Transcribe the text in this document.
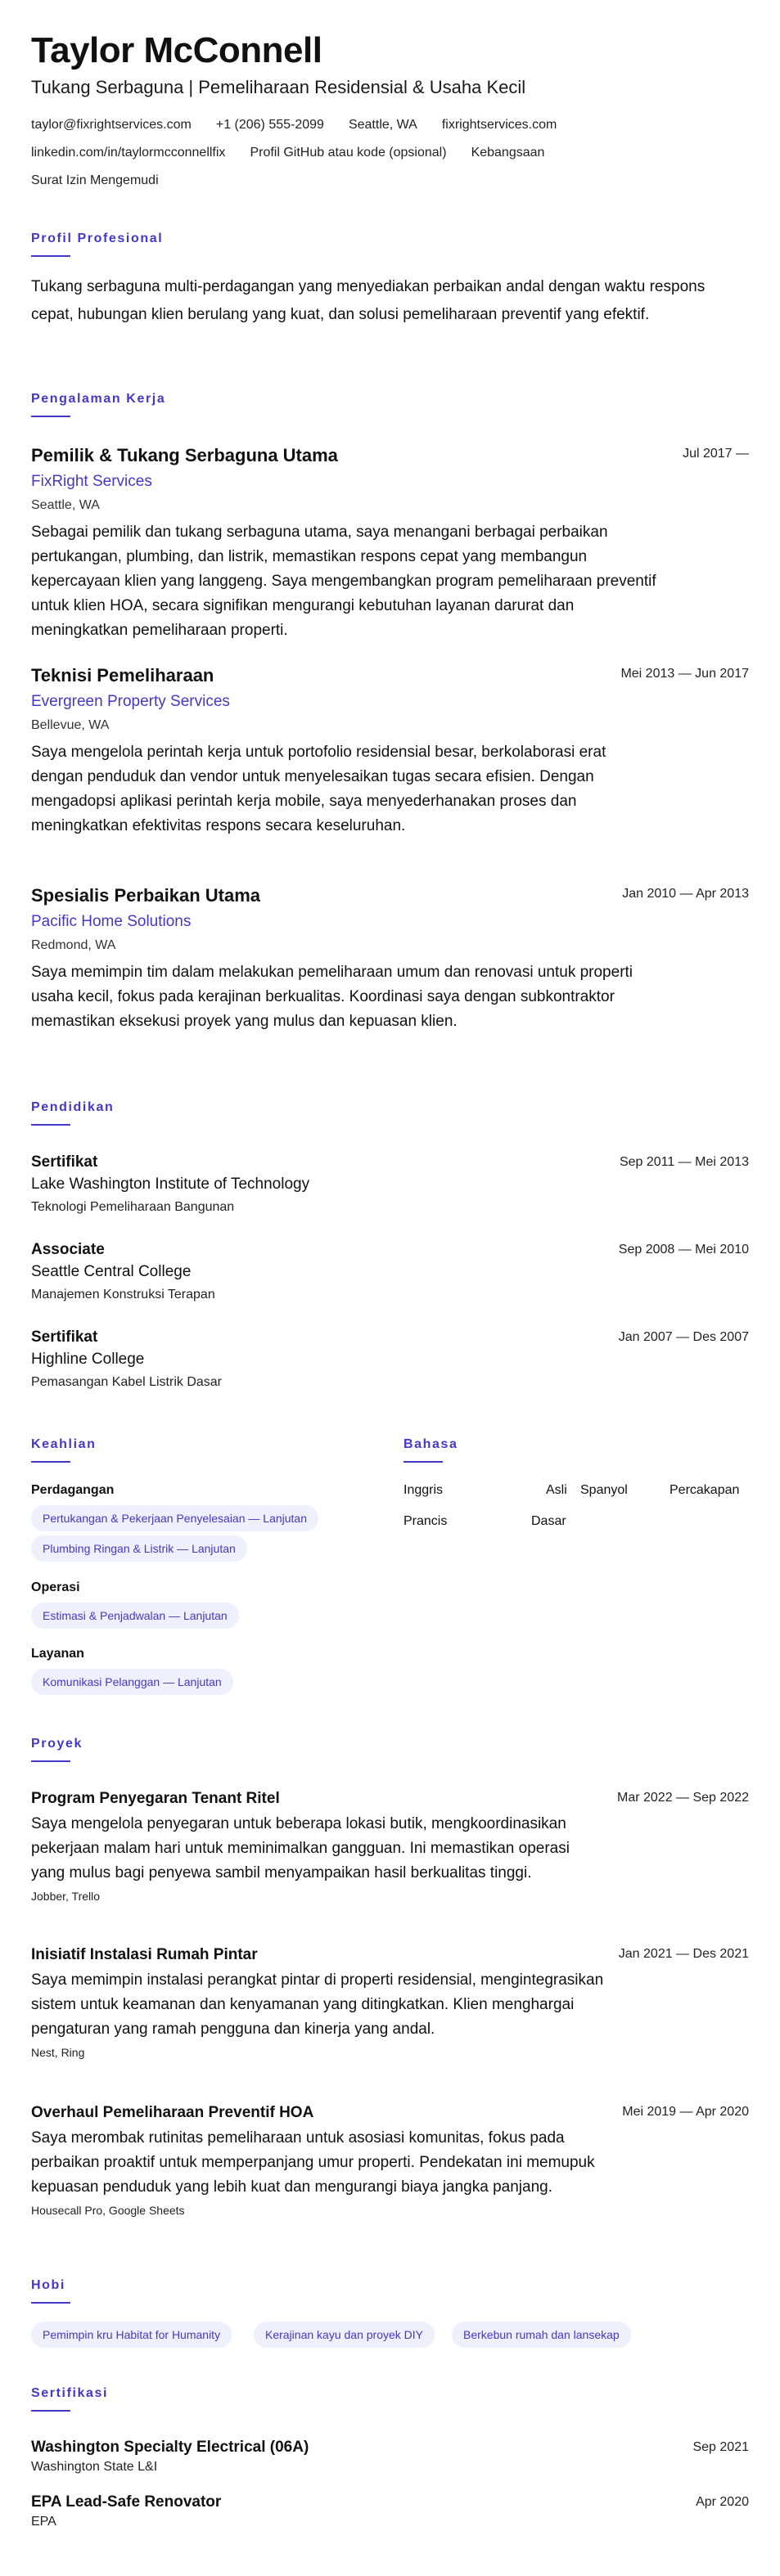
Taylor McConnell
Tukang Serbaguna | Pemeliharaan Residensial & Usaha Kecil
taylor@fixrightservices.com +1 (206) 555-2099 Seattle, WA fixrightservices.com
linkedin.com/in/taylormcconnellfix Profil GitHub atau kode (opsional) Kebangsaan
Surat Izin Mengemudi
Profil Profesional
Tukang serbaguna multi-perdagangan yang menyediakan perbaikan andal dengan waktu respons cepat, hubungan klien berulang yang kuat, dan solusi pemeliharaan preventif yang efektif.
Pengalaman Kerja
Pemilik & Tukang Serbaguna Utama	Jul 2017 —
FixRight Services
Seattle, WA
Sebagai pemilik dan tukang serbaguna utama, saya menangani berbagai perbaikan pertukangan, plumbing, dan listrik, memastikan respons cepat yang membangun kepercayaan klien yang langgeng. Saya mengembangkan program pemeliharaan preventif untuk klien HOA, secara signifikan mengurangi kebutuhan layanan darurat dan meningkatkan pemeliharaan properti.
Teknisi Pemeliharaan	Mei 2013 — Jun 2017
Evergreen Property Services
Bellevue, WA
Saya mengelola perintah kerja untuk portofolio residensial besar, berkolaborasi erat dengan penduduk dan vendor untuk menyelesaikan tugas secara efisien. Dengan mengadopsi aplikasi perintah kerja mobile, saya menyederhanakan proses dan meningkatkan efektivitas respons secara keseluruhan.
Spesialis Perbaikan Utama	Jan 2010 — Apr 2013
Pacific Home Solutions
Redmond, WA
Saya memimpin tim dalam melakukan pemeliharaan umum dan renovasi untuk properti usaha kecil, fokus pada kerajinan berkualitas. Koordinasi saya dengan subkontraktor memastikan eksekusi proyek yang mulus dan kepuasan klien.
Pendidikan
Sertifikat	Sep 2011 — Mei 2013
Lake Washington Institute of Technology
Teknologi Pemeliharaan Bangunan
Associate	Sep 2008 — Mei 2010
Seattle Central College
Manajemen Konstruksi Terapan
Sertifikat	Jan 2007 — Des 2007
Highline College
Pemasangan Kabel Listrik Dasar
Keahlian
Perdagangan
Pertukangan & Pekerjaan Penyelesaian — Lanjutan
Plumbing Ringan & Listrik — Lanjutan
Operasi
Estimasi & Penjadwalan — Lanjutan
Layanan
Komunikasi Pelanggan — Lanjutan
Bahasa
Inggris	Asli Spanyol	Percakapan
Prancis	Dasar
Proyek
Program Penyegaran Tenant Ritel	Mar 2022 — Sep 2022
Saya mengelola penyegaran untuk beberapa lokasi butik, mengkoordinasikan pekerjaan malam hari untuk meminimalkan gangguan. Ini memastikan operasi yang mulus bagi penyewa sambil menyampaikan hasil berkualitas tinggi.
Jobber, Trello
Inisiatif Instalasi Rumah Pintar	Jan 2021 — Des 2021
Saya memimpin instalasi perangkat pintar di properti residensial, mengintegrasikan sistem untuk keamanan dan kenyamanan yang ditingkatkan. Klien menghargai pengaturan yang ramah pengguna dan kinerja yang andal.
Nest, Ring
Overhaul Pemeliharaan Preventif HOA	Mei 2019 — Apr 2020
Saya merombak rutinitas pemeliharaan untuk asosiasi komunitas, fokus pada perbaikan proaktif untuk memperpanjang umur properti. Pendekatan ini memupuk kepuasan penduduk yang lebih kuat dan mengurangi biaya jangka panjang.
Housecall Pro, Google Sheets
Hobi
Pemimpin kru Habitat for Humanity	Kerajinan kayu dan proyek DIY	Berkebun rumah dan lansekap
Sertifikasi
Washington Specialty Electrical (06A)
Washington State L&I
Sep 2021
EPA Lead-Safe Renovator
EPA
Apr 2020
